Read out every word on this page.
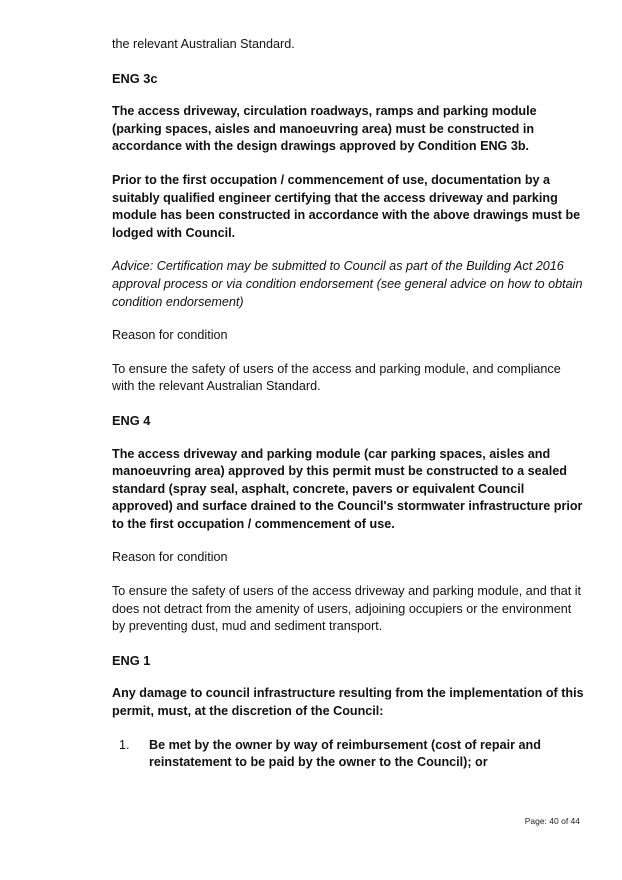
the relevant Australian Standard.

ENG 3c

The access driveway, circulation roadways, ramps and parking module (parking spaces, aisles and manoeuvring area) must be constructed in accordance with the design drawings approved by Condition ENG 3b.

Prior to the first occupation / commencement of use, documentation by a suitably qualified engineer certifying that the access driveway and parking module has been constructed in accordance with the above drawings must be lodged with Council.

Advice: Certification may be submitted to Council as part of the Building Act 2016 approval process or via condition endorsement (see general advice on how to obtain condition endorsement)

Reason for condition

To ensure the safety of users of the access and parking module, and compliance with the relevant Australian Standard.

ENG 4

The access driveway and parking module (car parking spaces, aisles and manoeuvring area) approved by this permit must be constructed to a sealed standard (spray seal, asphalt, concrete, pavers or equivalent Council approved) and surface drained to the Council's stormwater infrastructure prior to the first occupation / commencement of use.

Reason for condition

To ensure the safety of users of the access driveway and parking module, and that it does not detract from the amenity of users, adjoining occupiers or the environment by preventing dust, mud and sediment transport.

ENG 1

Any damage to council infrastructure resulting from the implementation of this permit, must, at the discretion of the Council:

1. Be met by the owner by way of reimbursement (cost of repair and reinstatement to be paid by the owner to the Council); or
Page: 40 of 44
